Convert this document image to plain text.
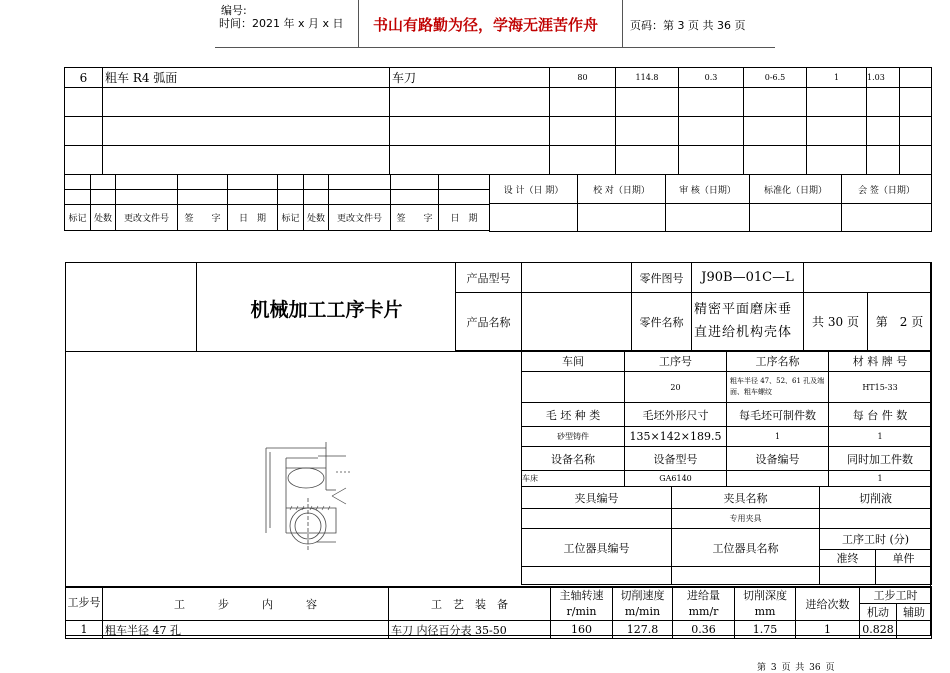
编号:
时间：2021 年 x 月 x 日 书山有路勤为径，学海无涯苦作舟	页码：第 3 页 共 36 页
6	粗车 R4 弧面	车刀	80	114.8	0.3	0-6.5	1	1.03	

标记	处数	更改文件号	签　　字	日　期	标记	处数	更改文件号	签　　字	日　期
设 计（日 期）	校 对（日期）	审 核（日期）	标准化（日期）	会 签（日期）

机械加工工序卡片
产品型号		零件图号	J90B—01C—L		
产品名称		零件名称	精密平面磨床垂直进给机构壳体	共 30 页	第　2 页
车间	工序号	工序名称	材 料 牌 号
	20	粗车半径 47、52、61 孔及端面、粗车螺纹	HT15-33
毛 坯 种 类	毛坯外形尺寸	每毛坯可制件数	每 台 件 数
砂型铸件	135×142×189.5	1	1
设备名称	设备型号	设备编号	同时加工件数
车床	GA6140		1
夹具编号	夹具名称	切削液	
	专用夹具		
工位器具编号	工位器具名称	工序工时 (分)	
		准终	单件

工步号	工　　　步　　　内　　　容	工　艺　装　备	主轴转速	切削速度	进给量	切削深度	进给次数	工步工时	
			r/min	m/min	mm/r	mm		机动	辅助
1	粗车半径 47 孔	车刀 内径百分表 35-50	160	127.8	0.36	1.75	1	0.828	
第 3 页 共 36 页
